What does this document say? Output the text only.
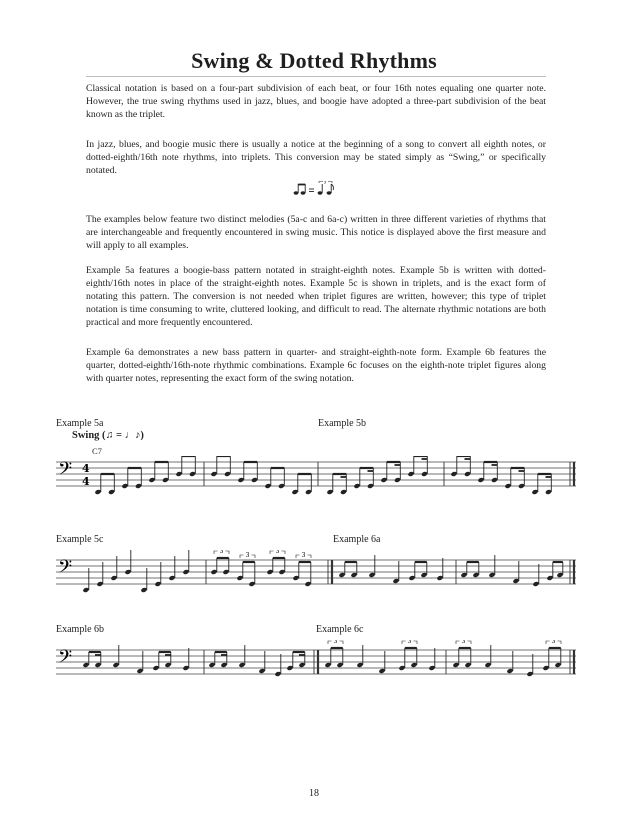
Swing & Dotted Rhythms
Classical notation is based on a four-part subdivision of each beat, or four 16th notes equaling one quarter note. However, the true swing rhythms used in jazz, blues, and boogie have adopted a three-part subdivision of the beat known as the triplet.
In jazz, blues, and boogie music there is usually a notice at the beginning of a song to convert all eighth notes, or dotted-eighth/16th note rhythms, into triplets. This conversion may be stated simply as “Swing,” or specifically notated.
3
The examples below feature two distinct melodies (5a-c and 6a-c) written in three different varieties of rhythms that are interchangeable and frequently encountered in swing music. This notice is displayed above the first measure and will apply to all examples.
Example 5a features a boogie-bass pattern notated in straight-eighth notes. Example 5b is written with dotted-eighth/16th notes in place of the straight-eighth notes. Example 5c is shown in triplets, and is the exact form of notating this pattern. The conversion is not needed when triplet figures are written, however; this type of triplet notation is time consuming to write, cluttered looking, and difficult to read. The alternate rhythmic notations are both practical and more frequently encountered.
Example 6a demonstrates a new bass pattern in quarter- and straight-eighth-note form. Example 6b features the quarter, dotted-eighth/16th-note rhythmic combinations. Example 6c focuses on the eighth-note triplet figures along with quarter notes, representing the exact form of the swing notation.
Example 5a	Example 5b
Swing (♫ = ♩♪)
C7
Example 5c	Example 6a
Example 6b	Example 6c
𝄢 4
4
𝄢
3
3
3
3
𝄢
3	3	3	3
18
